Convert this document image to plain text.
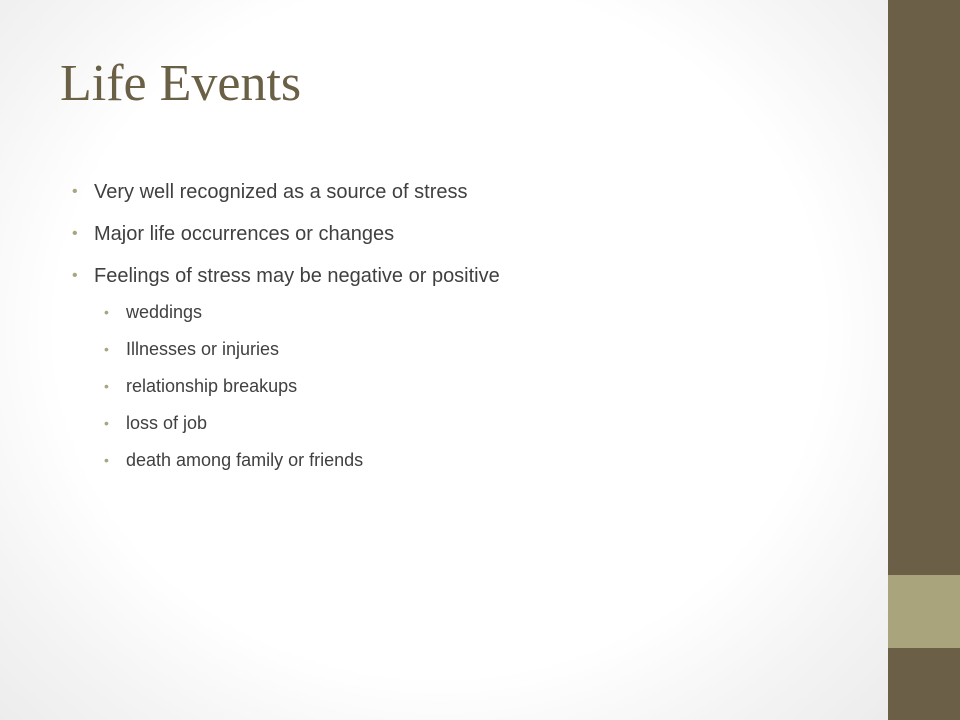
Life Events
• Very well recognized as a source of stress
• Major life occurrences or changes
• Feelings of stress may be negative or positive
• weddings
• Illnesses or injuries
• relationship breakups
• loss of job
• death among family or friends
